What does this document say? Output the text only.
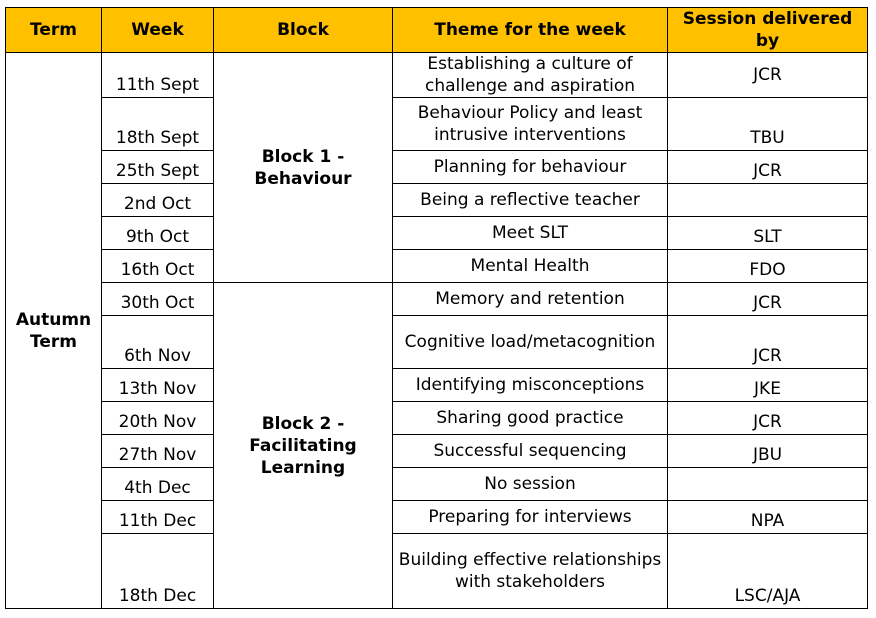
Term	Week	Block	Theme for the week	Session delivered by
Autumn Term	11th Sept	Block 1 - Behaviour	Establishing a culture of challenge and aspiration	JCR
	18th Sept		Behaviour Policy and least intrusive interventions	TBU
	25th Sept		Planning for behaviour	JCR
	2nd Oct		Being a reflective teacher	
	9th Oct		Meet SLT	SLT
	16th Oct		Mental Health	FDO
	30th Oct	Block 2 - Facilitating Learning	Memory and retention	JCR
	6th Nov		Cognitive load/metacognition	JCR
	13th Nov		Identifying misconceptions	JKE
	20th Nov		Sharing good practice	JCR
	27th Nov		Successful sequencing	JBU
	4th Dec		No session	
	11th Dec		Preparing for interviews	NPA
	18th Dec		Building effective relationships with stakeholders	LSC/AJA
